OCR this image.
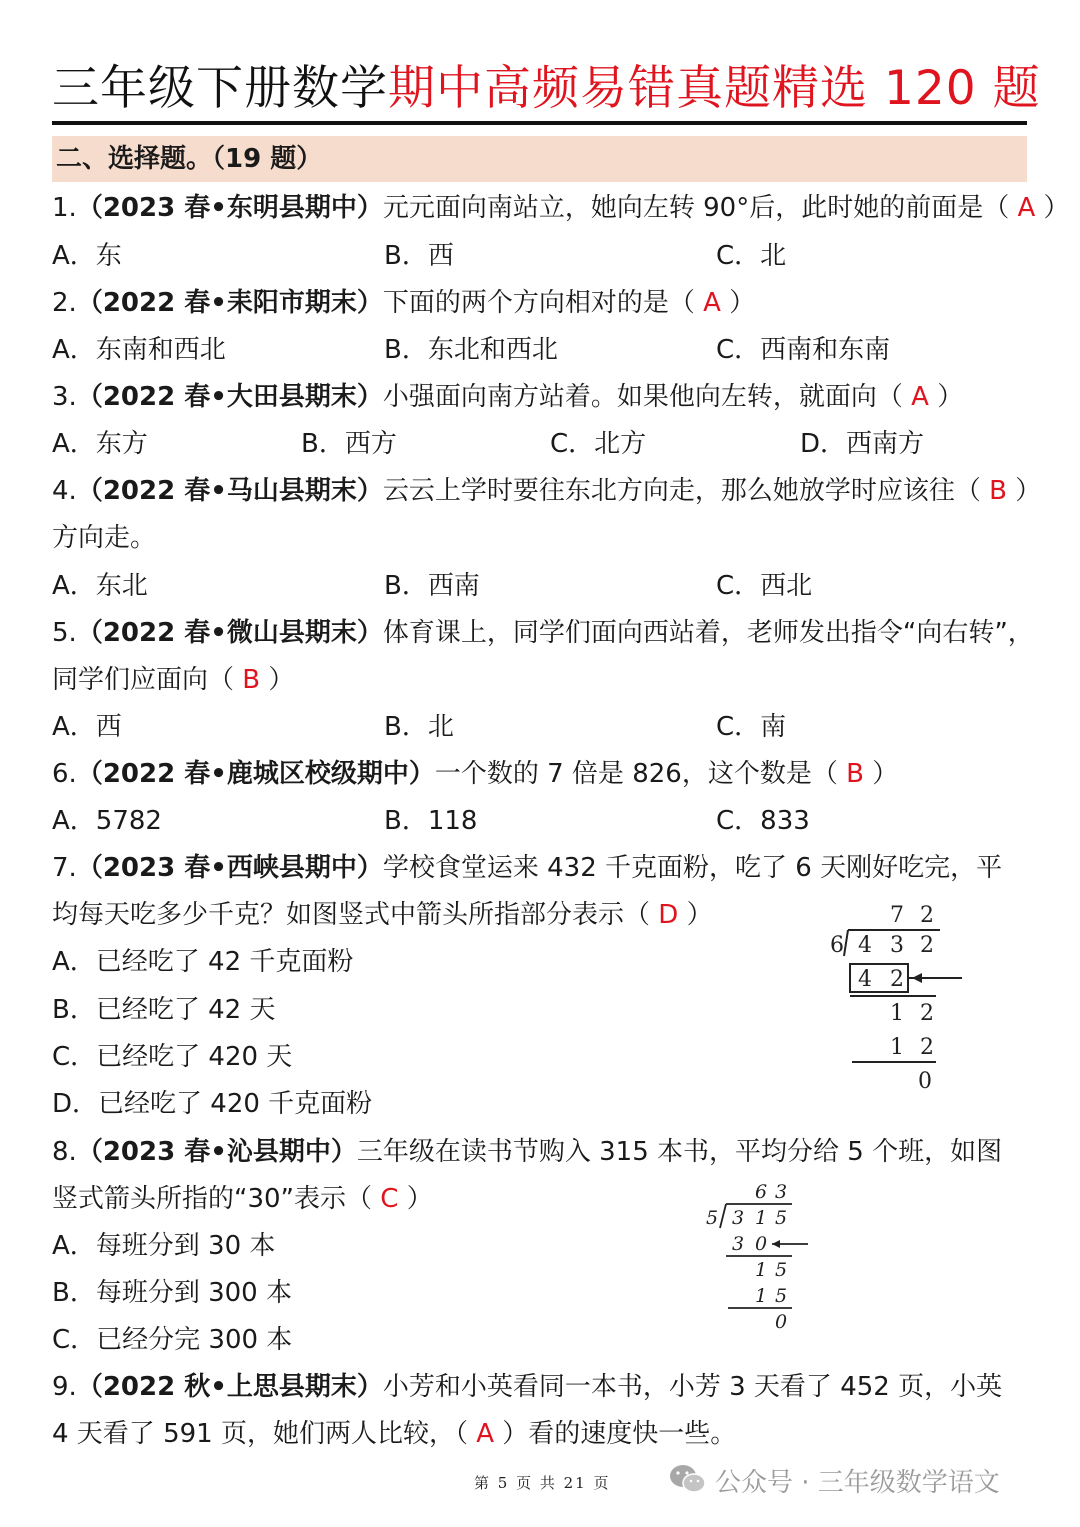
三年级下册数学期中高频易错真题精选 120 题
二、选择题。（19 题）
1.（2023 春•东明县期中）元元面向南站立，她向左转 90°后，此时她的前面是（ A ）
A．东	B．西	C．北
2.（2022 春•耒阳市期末）下面的两个方向相对的是（ A ）
A．东南和西北	B．东北和西北	C．西南和东南
3.（2022 春•大田县期末）小强面向南方站着。如果他向左转，就面向（ A ）
A．东方	B．西方	C．北方	D．西南方
4.（2022 春•马山县期末）云云上学时要往东北方向走，那么她放学时应该往（ B ）
方向走。
A．东北	B．西南	C．西北
5.（2022 春•微山县期末）体育课上，同学们面向西站着，老师发出指令“向右转”，
同学们应面向（ B ）
A．西	B．北	C．南
6.（2022 春•鹿城区校级期中）一个数的 7 倍是 826，这个数是（ B ）
A．5782	B．118	C．833
7.（2023 春•西峡县期中）学校食堂运来 432 千克面粉，吃了 6 天刚好吃完，平
均每天吃多少千克？如图竖式中箭头所指部分表示（ D ）
A．已经吃了 42 千克面粉
B．已经吃了 42 天
C．已经吃了 420 天
D．已经吃了 420 千克面粉
7 2
6 4 3 2
4 2
1 2
1 2
0
8.（2023 春•沁县期中）三年级在读书节购入 315 本书，平均分给 5 个班，如图
竖式箭头所指的“30”表示（ C ）
A．每班分到 30 本
B．每班分到 300 本
C．已经分完 300 本
6 3
5 3 1 5
3 0
1 5
1 5
0
9.（2022 秋•上思县期末）小芳和小英看同一本书，小芳 3 天看了 452 页，小英
4 天看了 591 页，她们两人比较，（ A ）看的速度快一些。
第 5 页 共 21 页	公众号 · 三年级数学语文
